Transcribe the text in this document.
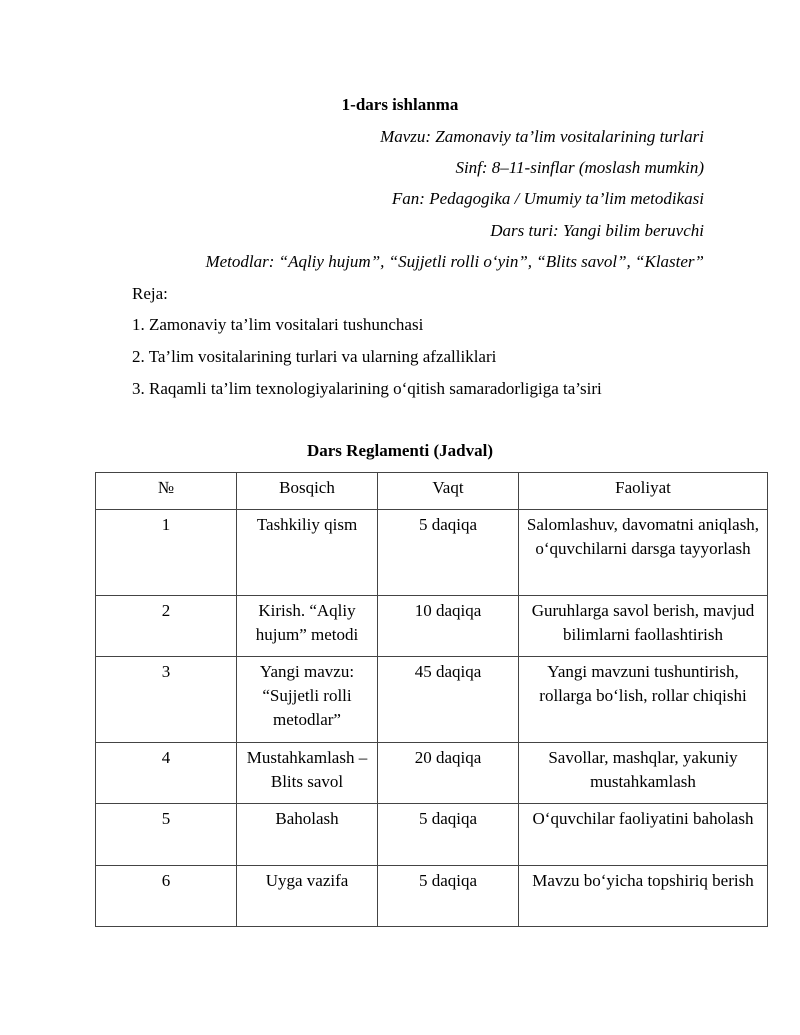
1-dars ishlanma
Mavzu: Zamonaviy ta’lim vositalarining turlari
Sinf: 8–11-sinflar (moslash mumkin)
Fan: Pedagogika / Umumiy ta’lim metodikasi
Dars turi: Yangi bilim beruvchi
Metodlar: “Aqliy hujum”, “Sujjetli rolli o‘yin”, “Blits savol”, “Klaster”
Reja:
1. Zamonaviy ta’lim vositalari tushunchasi
2. Ta’lim vositalarining turlari va ularning afzalliklari
3. Raqamli ta’lim texnologiyalarining o‘qitish samaradorligiga ta’siri
Dars Reglamenti (Jadval)
№	Bosqich	Vaqt	Faoliyat
1	Tashkiliy qism	5 daqiqa	Salomlashuv, davomatni aniqlash, o‘quvchilarni darsga tayyorlash
2	Kirish. “Aqliy hujum” metodi	10 daqiqa	Guruhlarga savol berish, mavjud bilimlarni faollashtirish
3	Yangi mavzu: “Sujjetli rolli metodlar”	45 daqiqa	Yangi mavzuni tushuntirish, rollarga bo‘lish, rollar chiqishi
4	Mustahkamlash – Blits savol	20 daqiqa	Savollar, mashqlar, yakuniy mustahkamlash
5	Baholash	5 daqiqa	O‘quvchilar faoliyatini baholash
6	Uyga vazifa	5 daqiqa	Mavzu bo‘yicha topshiriq berish
